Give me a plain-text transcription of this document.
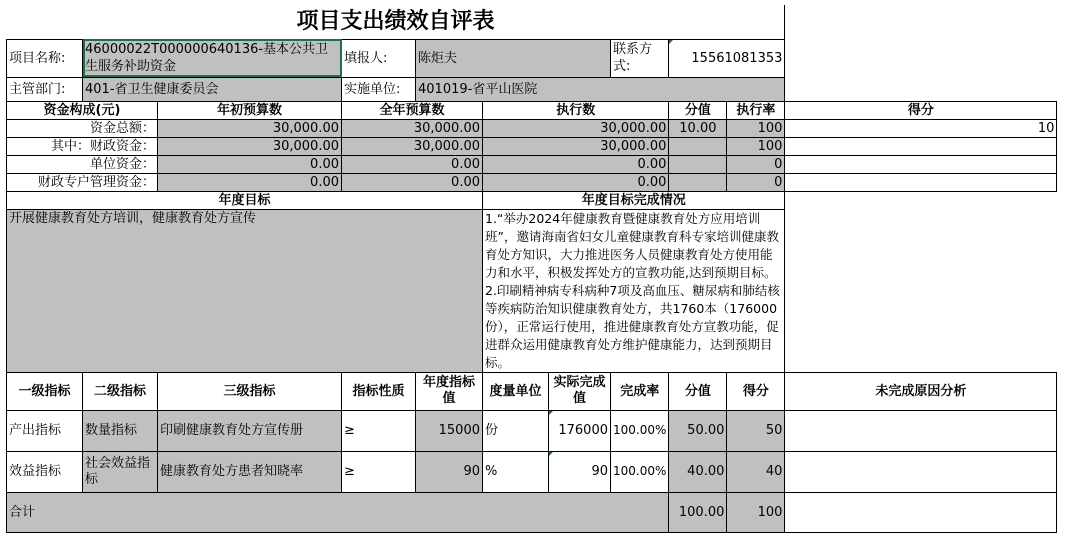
项目支出绩效自评表										
项目名称:	46000022T000000640136-基本公共卫生服务补助资金		填报人:	陈炬夫			联系方式:	15561081353		
主管部门:	401-省卫生健康委员会		实施单位:	401019-省平山医院						
资金构成(元)		年初预算数	全年预算数		执行数			分值	执行率	得分
资金总额：		30,000.00	30,000.00		30,000.00			10.00	100	10
其中：财政资金：		30,000.00	30,000.00		30,000.00				100	
单位资金：		0.00	0.00		0.00				0	
财政专户管理资金：		0.00	0.00		0.00				0	
年度目标					年度目标完成情况					
开展健康教育处方培训，健康教育处方宣传					1.“举办2024年健康教育暨健康教育处方应用培训班”，邀请海南省妇女儿童健康教育科专家培训健康教育处方知识，大力推进医务人员健康教育处方使用能力和水平，积极发挥处方的宣教功能,达到预期目标。 2.印刷精神病专科病种7项及高血压、糖尿病和肺结核等疾病防治知识健康教育处方，共1760本（176000份），正常运行使用，推进健康教育处方宣教功能，促进群众运用健康教育处方维护健康能力，达到预期目标。					
一级指标	二级指标	三级指标	指标性质	年度指标值	度量单位	实际完成值	完成率	分值	得分	未完成原因分析
产出指标	数量指标	印刷健康教育处方宣传册	≥	15000	份	176000	100.00%	50.00	50	
效益指标	社会效益指标	健康教育处方患者知晓率	≥	90	%	90	100.00%	40.00	40	
合计								100.00	100	
